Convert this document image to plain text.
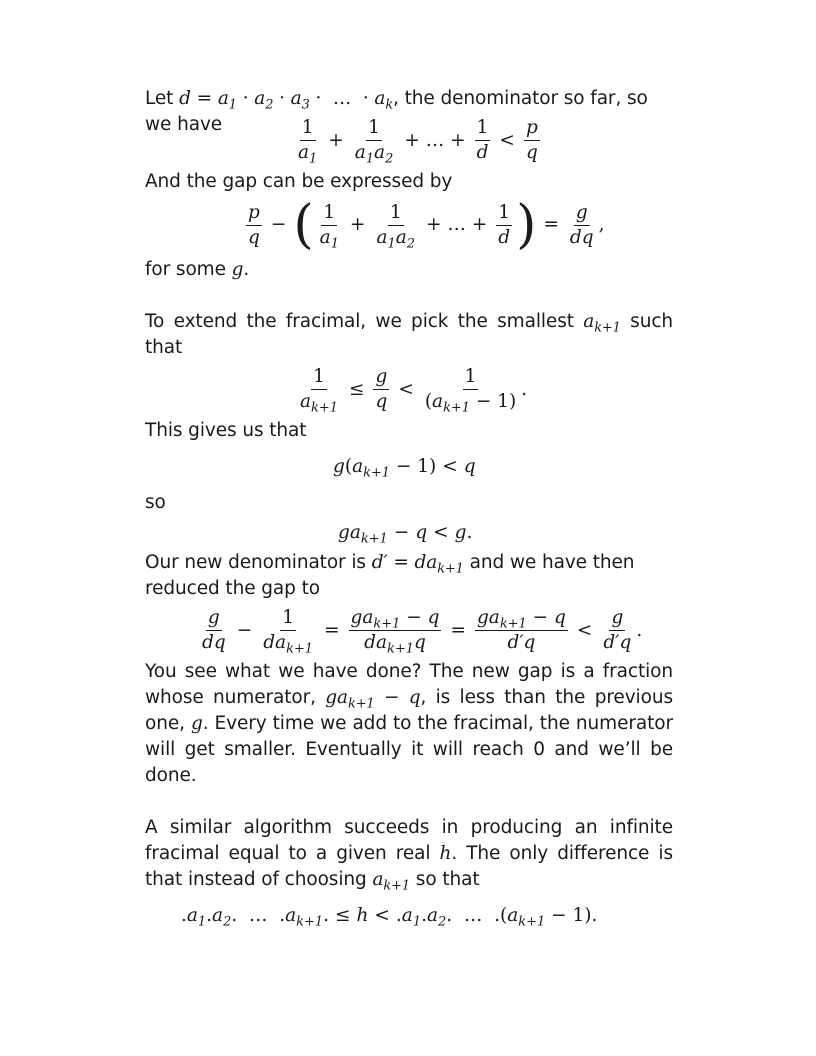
Let $d = a_1 \cdot a_2 \cdot a_3$ ·  …  · $a_k$, the denominator so far, so
we have	$\frac{1}{a_1} + \frac{1}{a_1a_2}$ + … + $\frac{1}{d} < \frac{p}{q}$

And the gap can be expressed by

$\frac{p}{q}$ − ( $\frac{1}{a_1} + \frac{1}{a_1a_2}$ + … + $\frac{1}{d}$ ) = $\frac{g}{dq}$ ,

for some g.

To extend the fracimal, we pick the smallest $a_{k+1}$ such that

$\frac{1}{a_{k+1}} \le \frac{g}{q} < \frac{1}{(a_{k+1} - 1)}$ .

This gives us that

$g(a_{k+1} - 1) < q$

so

$ga_{k+1} - q < g$.

Our new denominator is $d' = da_{k+1}$ and we have then
reduced the gap to

$\frac{g}{dq} - \frac{1}{da_{k+1}} = \frac{ga_{k+1} - q}{da_{k+1}q} = \frac{ga_{k+1} - q}{d'q} < \frac{g}{d'q}$ .

You see what we have done? The new gap is a fraction whose numerator, $ga_{k+1} - q$, is less than the previous one, g. Every time we add to the fracimal, the numerator will get smaller. Eventually it will reach 0 and we’ll be done.

A similar algorithm succeeds in producing an infinite fracimal equal to a given real h. The only difference is that instead of choosing $a_{k+1}$ so that

$.a_1.a_2$.  …  $.a_{k+1}$. ≤ $h < .a_1.a_2$.  …  $.(a_{k+1} - 1)$.
